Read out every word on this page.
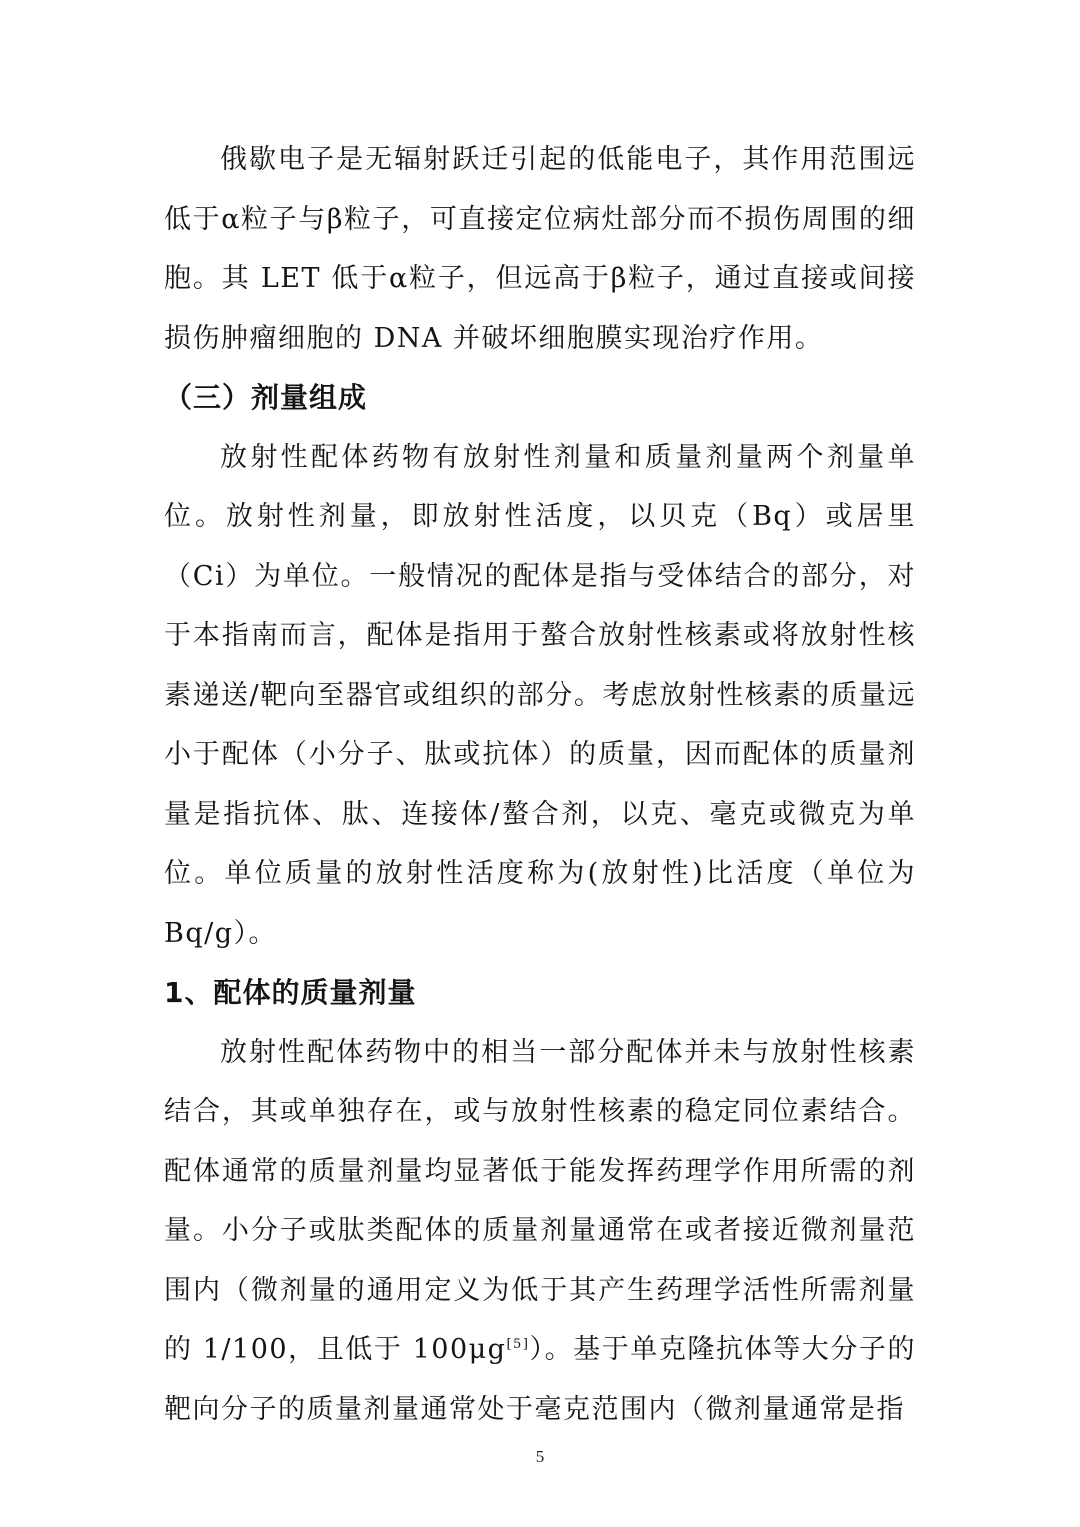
俄歇电子是无辐射跃迁引起的低能电子，其作用范围远低于α粒子与β粒子，可直接定位病灶部分而不损伤周围的细胞。其 LET 低于α粒子，但远高于β粒子，通过直接或间接损伤肿瘤细胞的 DNA 并破坏细胞膜实现治疗作用。

（三）剂量组成

放射性配体药物有放射性剂量和质量剂量两个剂量单位。放射性剂量，即放射性活度，以贝克（Bq）或居里（Ci）为单位。一般情况的配体是指与受体结合的部分，对于本指南而言，配体是指用于螯合放射性核素或将放射性核素递送/靶向至器官或组织的部分。考虑放射性核素的质量远小于配体（小分子、肽或抗体）的质量，因而配体的质量剂量是指抗体、肽、连接体/螯合剂，以克、毫克或微克为单位。单位质量的放射性活度称为(放射性)比活度（单位为 Bq/g）。

1、配体的质量剂量

放射性配体药物中的相当一部分配体并未与放射性核素结合，其或单独存在，或与放射性核素的稳定同位素结合。配体通常的质量剂量均显著低于能发挥药理学作用所需的剂量。小分子或肽类配体的质量剂量通常在或者接近微剂量范围内（微剂量的通用定义为低于其产生药理学活性所需剂量的 1/100，且低于 100μg[5]）。基于单克隆抗体等大分子的靶向分子的质量剂量通常处于毫克范围内（微剂量通常是指

5
